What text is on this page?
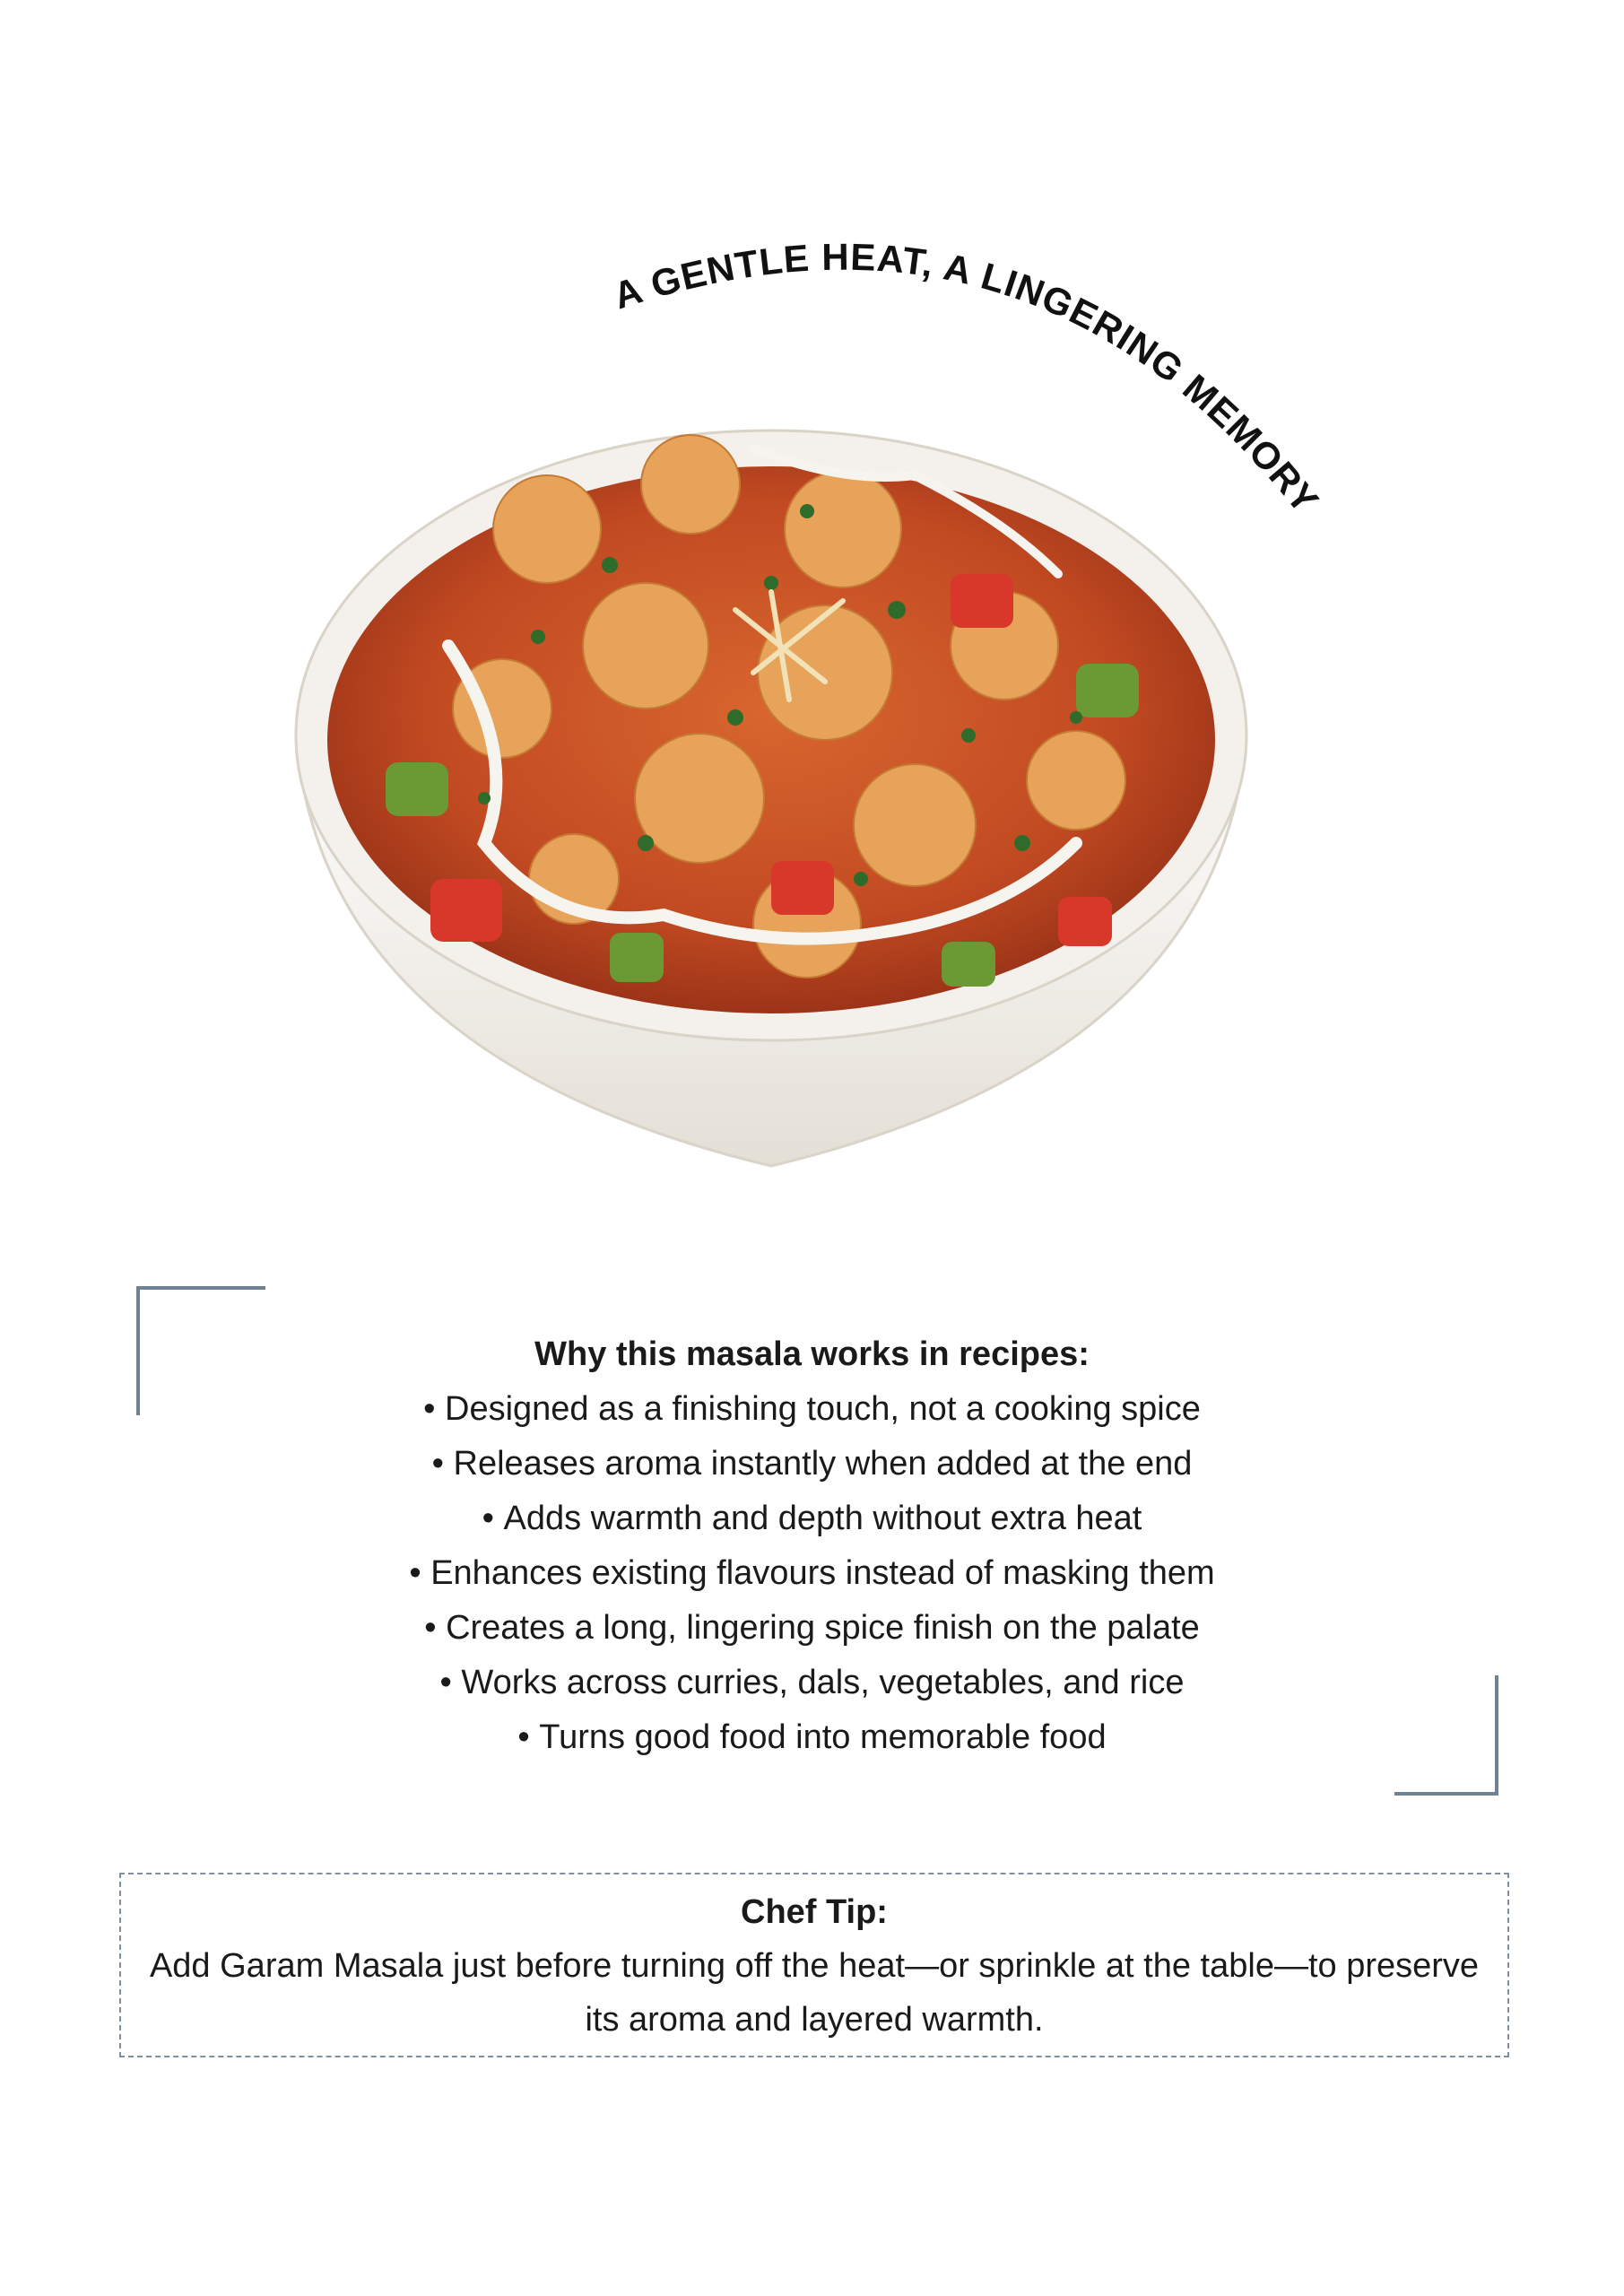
A GENTLE HEAT, A LINGERING MEMORY
Why this masala works in recipes:
• Designed as a finishing touch, not a cooking spice
• Releases aroma instantly when added at the end
• Adds warmth and depth without extra heat
• Enhances existing flavours instead of masking them
• Creates a long, lingering spice finish on the palate
• Works across curries, dals, vegetables, and rice
• Turns good food into memorable food
Chef Tip:

Add Garam Masala just before turning off the heat—or sprinkle at the table—to preserve its aroma and layered warmth.
